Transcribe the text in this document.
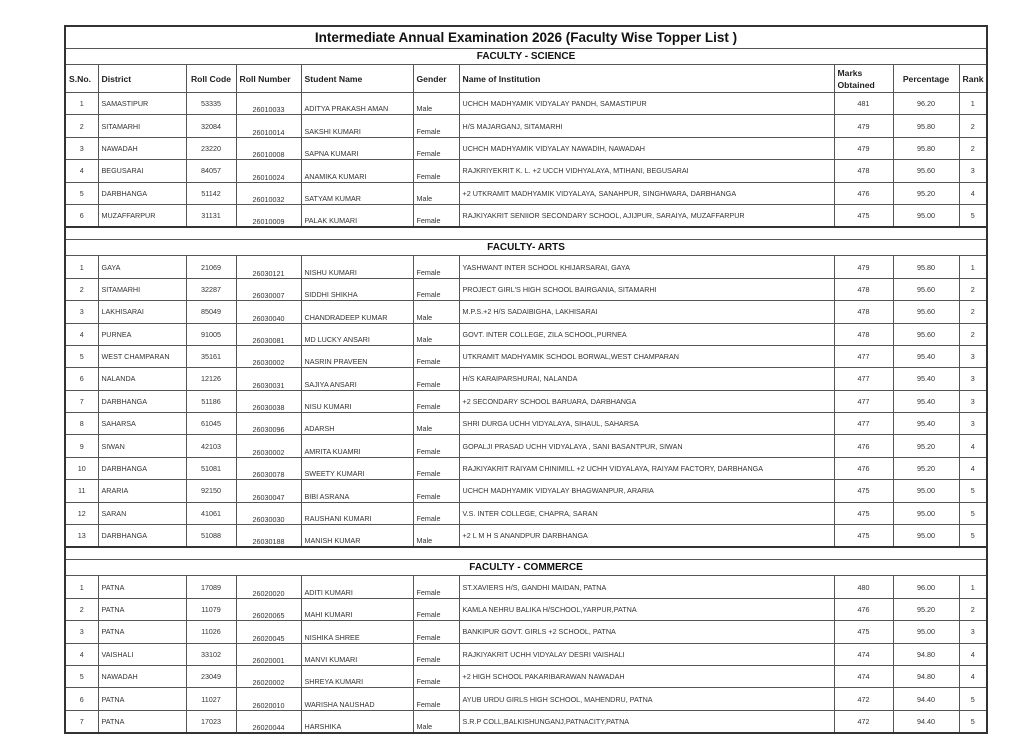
Intermediate Annual Examination 2026 (Faculty Wise Topper List )									
FACULTY - SCIENCE									
S.No.	District	Roll Code	Roll Number	Student Name	Gender	Name of Institution	Marks Obtained	Percentage	Rank
1	SAMASTIPUR	53335	26010033	ADITYA PRAKASH AMAN	Male	UCHCH MADHYAMIK VIDYALAY PANDH, SAMASTIPUR	481	96.20	1
2	SITAMARHI	32084	26010014	SAKSHI KUMARI	Female	H/S MAJARGANJ, SITAMARHI	479	95.80	2
3	NAWADAH	23220	26010008	SAPNA KUMARI	Female	UCHCH MADHYAMIK VIDYALAY NAWADIH, NAWADAH	479	95.80	2
4	BEGUSARAI	84057	26010024	ANAMIKA KUMARI	Female	RAJKRIYEKRIT K. L. +2 UCCH VIDHYALAYA, MTIHANI, BEGUSARAI	478	95.60	3
5	DARBHANGA	51142	26010032	SATYAM KUMAR	Male	+2 UTKRAMIT MADHYAMIK VIDYALAYA, SANAHPUR, SINGHWARA, DARBHANGA	476	95.20	4
6	MUZAFFARPUR	31131	26010009	PALAK KUMARI	Female	RAJKIYAKRIT SENIIOR SECONDARY SCHOOL, AJIJPUR, SARAIYA, MUZAFFARPUR	475	95.00	5

FACULTY- ARTS									
1	GAYA	21069	26030121	NISHU KUMARI	Female	YASHWANT INTER SCHOOL KHIJARSARAI, GAYA	479	95.80	1
2	SITAMARHI	32287	26030007	SIDDHI SHIKHA	Female	PROJECT GIRL'S HIGH SCHOOL BAIRGANIA, SITAMARHI	478	95.60	2
3	LAKHISARAI	85049	26030040	CHANDRADEEP KUMAR	Male	M.P.S.+2 H/S SADAIBIGHA, LAKHISARAI	478	95.60	2
4	PURNEA	91005	26030081	MD LUCKY ANSARI	Male	GOVT. INTER COLLEGE, ZILA SCHOOL,PURNEA	478	95.60	2
5	WEST CHAMPARAN	35161	26030002	NASRIN PRAVEEN	Female	UTKRAMIT MADHYAMIK SCHOOL BORWAL,WEST CHAMPARAN	477	95.40	3
6	NALANDA	12126	26030031	SAJIYA ANSARI	Female	H/S KARAIPARSHURAI, NALANDA	477	95.40	3
7	DARBHANGA	51186	26030038	NISU KUMARI	Female	+2 SECONDARY SCHOOL BARUARA, DARBHANGA	477	95.40	3
8	SAHARSA	61045	26030096	ADARSH	Male	SHRI DURGA UCHH VIDYALAYA, SIHAUL, SAHARSA	477	95.40	3
9	SIWAN	42103	26030002	AMRITA KUAMRI	Female	GOPALJI PRASAD UCHH VIDYALAYA , SANI BASANTPUR, SIWAN	476	95.20	4
10	DARBHANGA	51081	26030078	SWEETY KUMARI	Female	RAJKIYAKRIT RAIYAM CHINIMILL +2 UCHH VIDYALAYA, RAIYAM FACTORY, DARBHANGA	476	95.20	4
11	ARARIA	92150	26030047	BIBI ASRANA	Female	UCHCH MADHYAMIK VIDYALAY BHAGWANPUR, ARARIA	475	95.00	5
12	SARAN	41061	26030030	RAUSHANI KUMARI	Female	V.S. INTER COLLEGE, CHAPRA, SARAN	475	95.00	5
13	DARBHANGA	51088	26030188	MANISH KUMAR	Male	+2 L M H S ANANDPUR DARBHANGA	475	95.00	5

FACULTY - COMMERCE									
1	PATNA	17089	26020020	ADITI KUMARI	Female	ST.XAVIERS H/S, GANDHI MAIDAN, PATNA	480	96.00	1
2	PATNA	11079	26020065	MAHI KUMARI	Female	KAMLA NEHRU BALIKA H/SCHOOL,YARPUR,PATNA	476	95.20	2
3	PATNA	11026	26020045	NISHIKA SHREE	Female	BANKIPUR GOVT. GIRLS +2 SCHOOL, PATNA	475	95.00	3
4	VAISHALI	33102	26020001	MANVI KUMARI	Female	RAJKIYAKRIT UCHH VIDYALAY DESRI VAISHALI	474	94.80	4
5	NAWADAH	23049	26020002	SHREYA KUMARI	Female	+2 HIGH SCHOOL PAKARIBARAWAN NAWADAH	474	94.80	4
6	PATNA	11027	26020010	WARISHA NAUSHAD	Female	AYUB URDU GIRLS HIGH SCHOOL, MAHENDRU, PATNA	472	94.40	5
7	PATNA	17023	26020044	HARSHIKA	Male	S.R.P COLL,BALKISHUNGANJ,PATNACITY,PATNA	472	94.40	5
